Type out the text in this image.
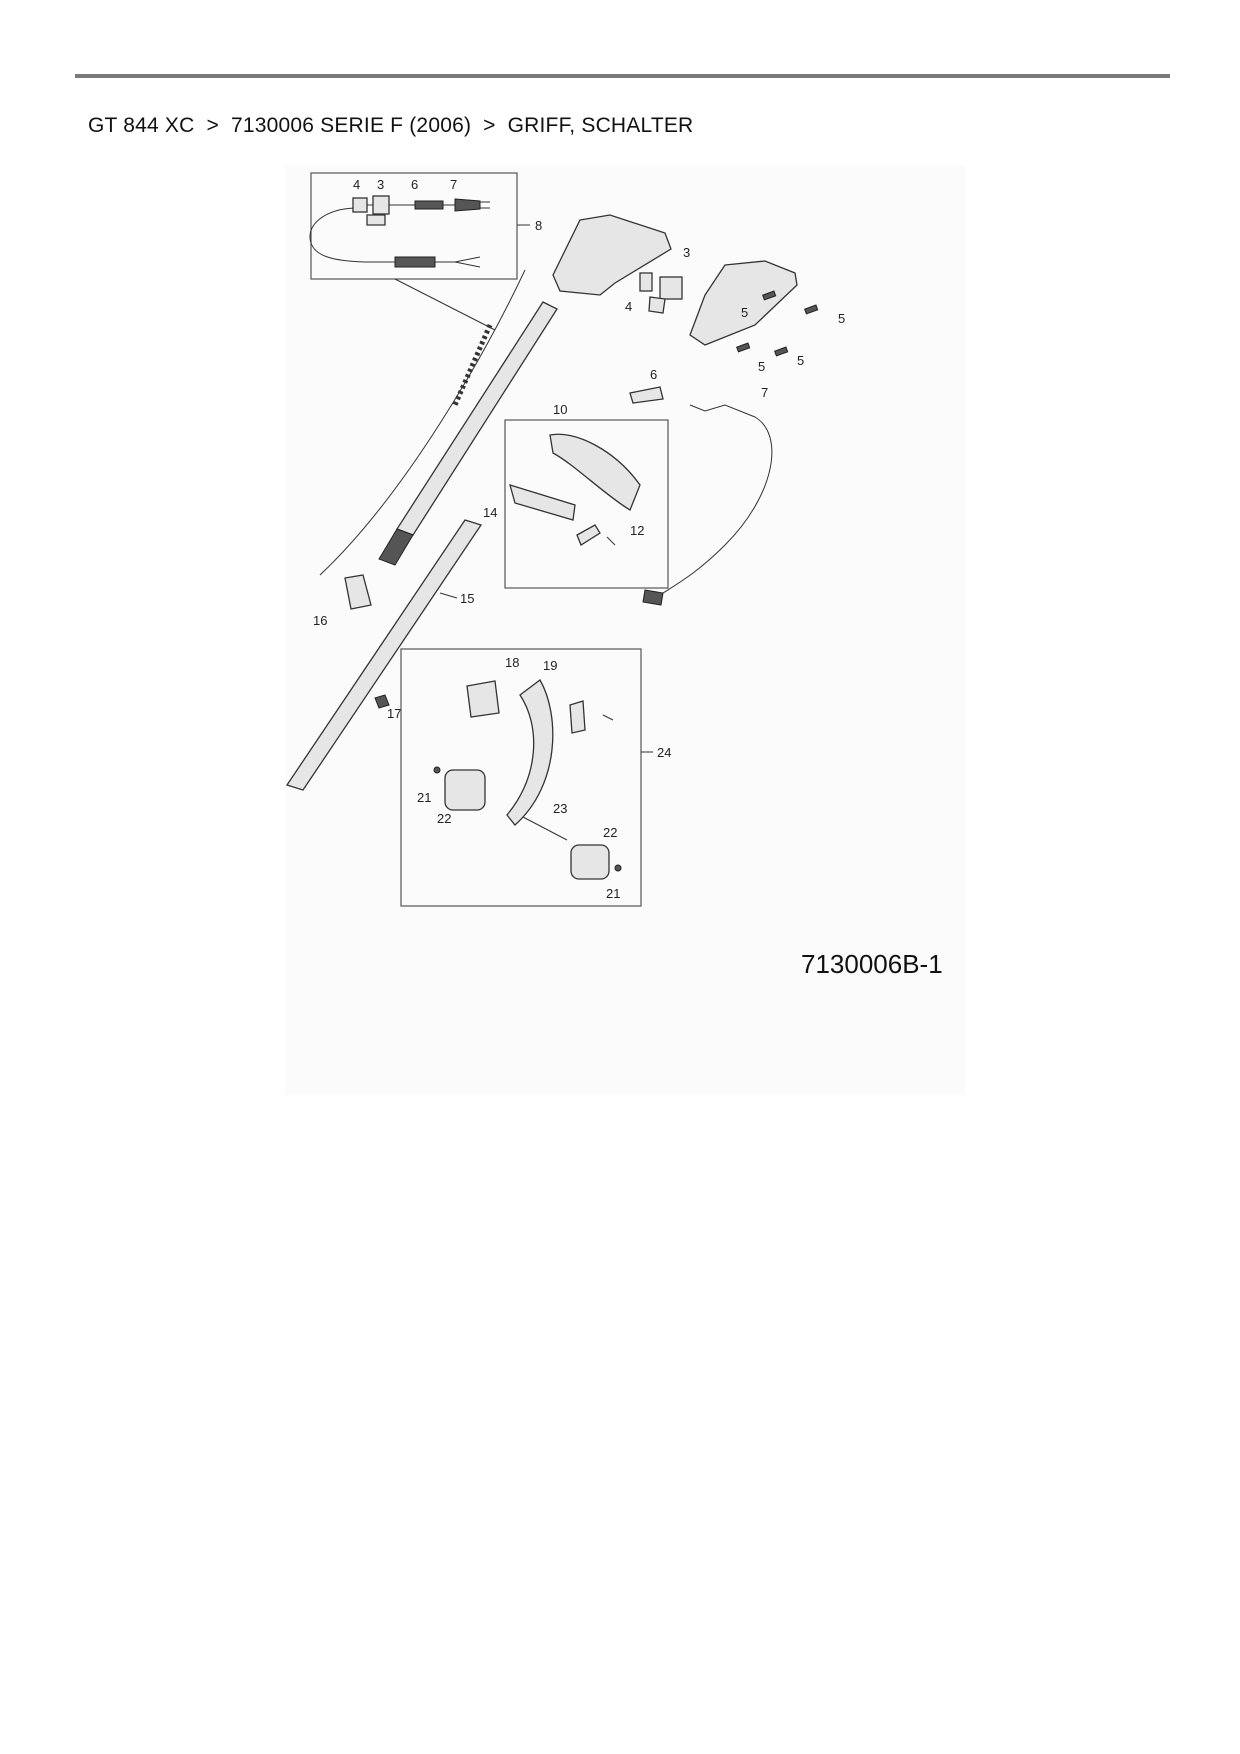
GT 844 XC > 7130006 SERIE F (2006) > GRIFF, SCHALTER
4 3 6 7
8
16
3
4	5	5
5 5
6
7
10
12
14
15
17
24
18 19
21
22
23
22
21
7130006B-1
